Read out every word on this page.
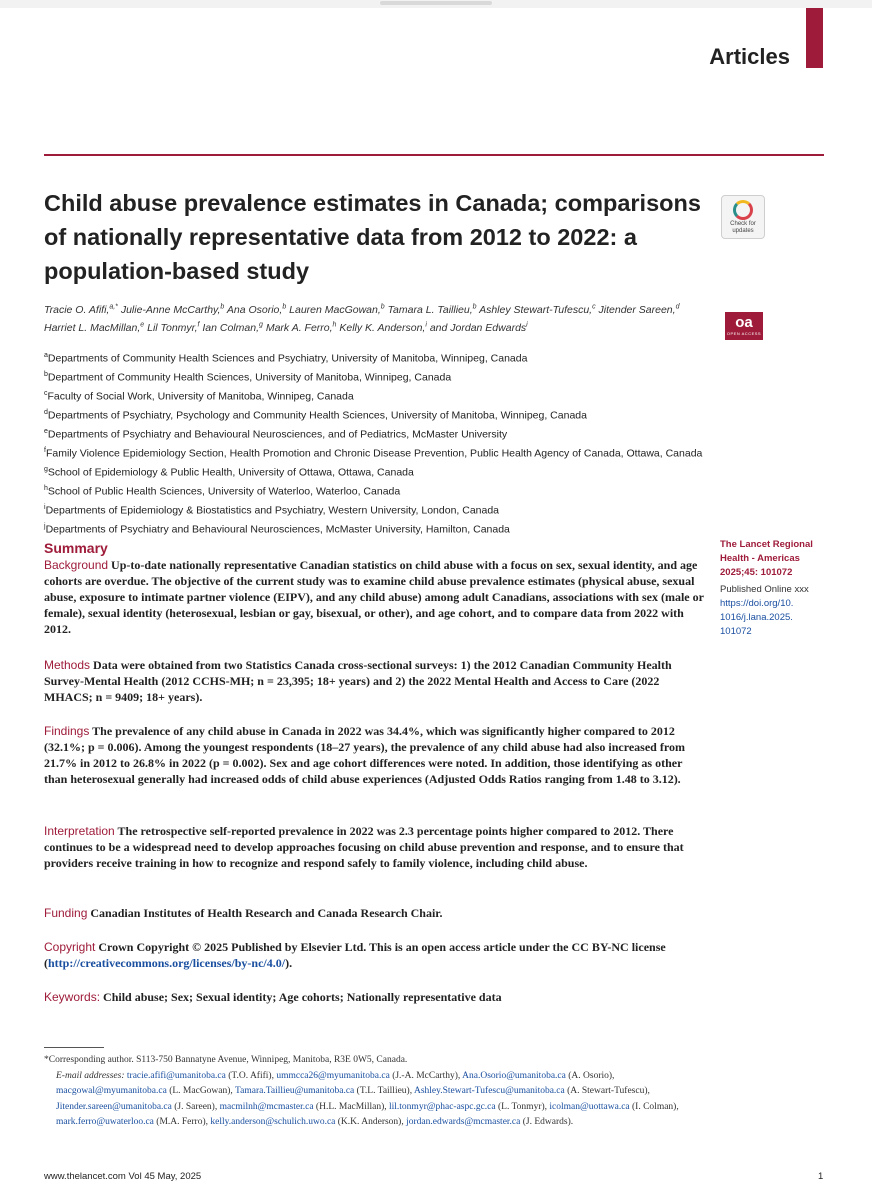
Articles
Child abuse prevalence estimates in Canada; comparisons of nationally representative data from 2012 to 2022: a population-based study
Check for
updates
oa
OPEN ACCESS
Tracie O. Afifi,$^{a,*}$ Julie-Anne McCarthy,$^b$ Ana Osorio,$^b$ Lauren MacGowan,$^b$ Tamara L. Taillieu,$^b$ Ashley Stewart-Tufescu,$^c$ Jitender Sareen,$^d$
Harriet L. MacMillan,$^e$ Lil Tonmyr,$^f$ Ian Colman,$^g$ Mark A. Ferro,$^h$ Kelly K. Anderson,$^i$ and Jordan Edwards$^i$
$^a$Departments of Community Health Sciences and Psychiatry, University of Manitoba, Winnipeg, Canada
$^b$Department of Community Health Sciences, University of Manitoba, Winnipeg, Canada
$^c$Faculty of Social Work, University of Manitoba, Winnipeg, Canada
$^d$Departments of Psychiatry, Psychology and Community Health Sciences, University of Manitoba, Winnipeg, Canada
$^e$Departments of Psychiatry and Behavioural Neurosciences, and of Pediatrics, McMaster University
$^f$Family Violence Epidemiology Section, Health Promotion and Chronic Disease Prevention, Public Health Agency of Canada, Ottawa, Canada
$^g$School of Epidemiology & Public Health, University of Ottawa, Ottawa, Canada
$^h$School of Public Health Sciences, University of Waterloo, Waterloo, Canada
$^i$Departments of Epidemiology & Biostatistics and Psychiatry, Western University, London, Canada
$^j$Departments of Psychiatry and Behavioural Neurosciences, McMaster University, Hamilton, Canada
Summary

Background Up-to-date nationally representative Canadian statistics on child abuse with a focus on sex, sexual identity, and age cohorts are overdue. The objective of the current study was to examine child abuse prevalence estimates (physical abuse, sexual abuse, exposure to intimate partner violence (EIPV), and any child abuse) among adult Canadians, associations with sex (male or female), sexual identity (heterosexual, lesbian or gay, bisexual, or other), and age cohort, and to compare data from 2022 with 2012.

Methods Data were obtained from two Statistics Canada cross-sectional surveys: 1) the 2012 Canadian Community Health Survey-Mental Health (2012 CCHS-MH; n = 23,395; 18+ years) and 2) the 2022 Mental Health and Access to Care (2022 MHACS; n = 9409; 18+ years).

Findings The prevalence of any child abuse in Canada in 2022 was 34.4%, which was significantly higher compared to 2012 (32.1%; p = 0.006). Among the youngest respondents (18–27 years), the prevalence of any child abuse had also increased from 21.7% in 2012 to 26.8% in 2022 (p = 0.002). Sex and age cohort differences were noted. In addition, those identifying as other than heterosexual generally had increased odds of child abuse experiences (Adjusted Odds Ratios ranging from 1.48 to 3.12).

Interpretation The retrospective self-reported prevalence in 2022 was 2.3 percentage points higher compared to 2012. There continues to be a widespread need to develop approaches focusing on child abuse prevention and response, and to ensure that providers receive training in how to recognize and respond safely to family violence, including child abuse.

Funding Canadian Institutes of Health Research and Canada Research Chair.

Copyright Crown Copyright © 2025 Published by Elsevier Ltd. This is an open access article under the CC BY-NC license (http://creativecommons.org/licenses/by-nc/4.0/).

Keywords: Child abuse; Sex; Sexual identity; Age cohorts; Nationally representative data

The Lancet Regional
Health - Americas
2025;45: 101072
Published Online xxx
https://doi.org/10.
1016/j.lana.2025.
101072
*Corresponding author. S113-750 Bannatyne Avenue, Winnipeg, Manitoba, R3E 0W5, Canada.
E-mail addresses: tracie.afifi@umanitoba.ca (T.O. Afifi), ummcca26@myumanitoba.ca (J.-A. McCarthy), Ana.Osorio@umanitoba.ca (A. Osorio), macgowal@myumanitoba.ca (L. MacGowan), Tamara.Taillieu@umanitoba.ca (T.L. Taillieu), Ashley.Stewart-Tufescu@umanitoba.ca (A. Stewart-Tufescu), Jitender.sareen@umanitoba.ca (J. Sareen), macmilnh@mcmaster.ca (H.L. MacMillan), lil.tonmyr@phac-aspc.gc.ca (L. Tonmyr), icolman@uottawa.ca (I. Colman), mark.ferro@uwaterloo.ca (M.A. Ferro), kelly.anderson@schulich.uwo.ca (K.K. Anderson), jordan.edwards@mcmaster.ca (J. Edwards).
www.thelancet.com Vol 45 May, 2025	1
